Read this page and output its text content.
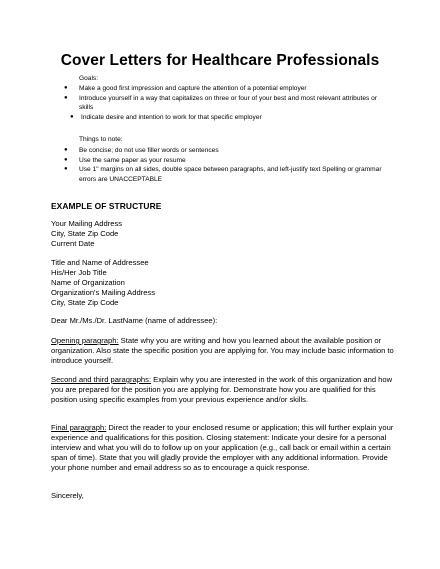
Cover Letters for Healthcare Professionals
Goals:
●	Make a good first impression and capture the attention of a potential employer
●	Introduce yourself in a way that capitalizes on three or four of your best and most relevant attributes or skills
●	Indicate desire and intention to work for that specific employer
Things to note:
●	Be concise; do not use filler words or sentences
●	Use the same paper as your resume
●	Use 1" margins on all sides, double space between paragraphs, and left-justify text Spelling or grammar errors are UNACCEPTABLE
EXAMPLE OF STRUCTURE

Your Mailing Address

City, State Zip Code

Current Date

Title and Name of Addressee

His/Her Job Title

Name of Organization

Organization's Mailing Address

City, State Zip Code

Dear Mr./Ms./Dr. LastName (name of addressee):

Opening paragraph: State why you are writing and how you learned about the available position or organization. Also state the specific position you are applying for. You may include basic information to introduce yourself.

Second and third paragraphs: Explain why you are interested in the work of this organization and how you are prepared for the position you are applying for. Demonstrate how you are qualified for this position using specific examples from your previous experience and/or skills.

Final paragraph: Direct the reader to your enclosed resume or application; this will further explain your experience and qualifications for this position. Closing statement: Indicate your desire for a personal interview and what you will do to follow up on your application (e.g., call back or email within a certain span of time). State that you will gladly provide the employer with any additional information. Provide your phone number and email address so as to encourage a quick response.

Sincerely,
